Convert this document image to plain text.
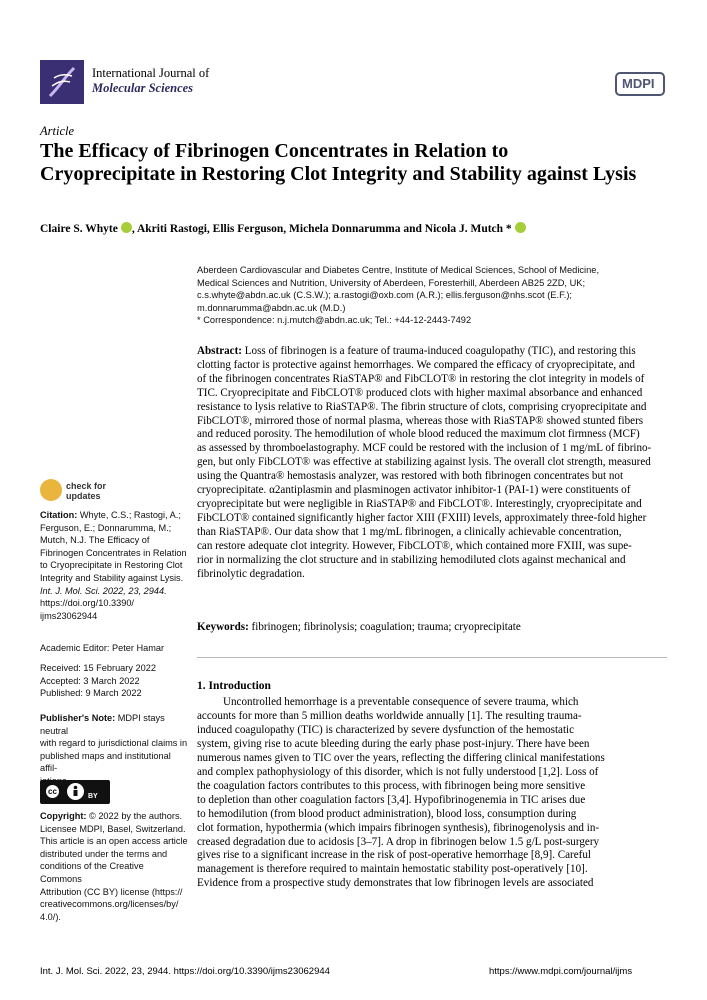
International Journal of
Molecular Sciences	MDPI
Article
The Efficacy of Fibrinogen Concentrates in Relation to Cryoprecipitate in Restoring Clot Integrity and Stability against Lysis
Claire S. Whyte , Akriti Rastogi, Ellis Ferguson, Michela Donnarumma and Nicola J. Mutch *
Aberdeen Cardiovascular and Diabetes Centre, Institute of Medical Sciences, School of Medicine,
Medical Sciences and Nutrition, University of Aberdeen, Foresterhill, Aberdeen AB25 2ZD, UK;
c.s.whyte@abdn.ac.uk (C.S.W.); a.rastogi@oxb.com (A.R.); ellis.ferguson@nhs.scot (E.F.);
m.donnarumma@abdn.ac.uk (M.D.)
* Correspondence: n.j.mutch@abdn.ac.uk; Tel.: +44-12-2443-7492
Abstract: Loss of fibrinogen is a feature of trauma-induced coagulopathy (TIC), and restoring this
clotting factor is protective against hemorrhages. We compared the efficacy of cryoprecipitate, and
of the fibrinogen concentrates RiaSTAP® and FibCLOT® in restoring the clot integrity in models of
TIC. Cryoprecipitate and FibCLOT® produced clots with higher maximal absorbance and enhanced
resistance to lysis relative to RiaSTAP®. The fibrin structure of clots, comprising cryoprecipitate and
FibCLOT®, mirrored those of normal plasma, whereas those with RiaSTAP® showed stunted fibers
and reduced porosity. The hemodilution of whole blood reduced the maximum clot firmness (MCF)
as assessed by thromboelastography. MCF could be restored with the inclusion of 1 mg/mL of fibrino-
gen, but only FibCLOT® was effective at stabilizing against lysis. The overall clot strength, measured
using the Quantra® hemostasis analyzer, was restored with both fibrinogen concentrates but not
cryoprecipitate. α2antiplasmin and plasminogen activator inhibitor-1 (PAI-1) were constituents of
cryoprecipitate but were negligible in RiaSTAP® and FibCLOT®. Interestingly, cryoprecipitate and
FibCLOT® contained significantly higher factor XIII (FXIII) levels, approximately three-fold higher
than RiaSTAP®. Our data show that 1 mg/mL fibrinogen, a clinically achievable concentration,
can restore adequate clot integrity. However, FibCLOT®, which contained more FXIII, was supe-
rior in normalizing the clot structure and in stabilizing hemodiluted clots against mechanical and
fibrinolytic degradation.
Keywords: fibrinogen; fibrinolysis; coagulation; trauma; cryoprecipitate
1. Introduction
Uncontrolled hemorrhage is a preventable consequence of severe trauma, which
accounts for more than 5 million deaths worldwide annually [1]. The resulting trauma-
induced coagulopathy (TIC) is characterized by severe dysfunction of the hemostatic
system, giving rise to acute bleeding during the early phase post-injury. There have been
numerous names given to TIC over the years, reflecting the differing clinical manifestations
and complex pathophysiology of this disorder, which is not fully understood [1,2]. Loss of
the coagulation factors contributes to this process, with fibrinogen being more sensitive
to depletion than other coagulation factors [3,4]. Hypofibrinogenemia in TIC arises due
to hemodilution (from blood product administration), blood loss, consumption during
clot formation, hypothermia (which impairs fibrinogen synthesis), fibrinogenolysis and in-
creased degradation due to acidosis [3–7]. A drop in fibrinogen below 1.5 g/L post-surgery
gives rise to a significant increase in the risk of post-operative hemorrhage [8,9]. Careful
management is therefore required to maintain hemostatic stability post-operatively [10].
Evidence from a prospective study demonstrates that low fibrinogen levels are associated
check for
updates
Citation: Whyte, C.S.; Rastogi, A.;
Ferguson, E.; Donnarumma, M.;
Mutch, N.J. The Efficacy of
Fibrinogen Concentrates in Relation
to Cryoprecipitate in Restoring Clot
Integrity and Stability against Lysis.
Int. J. Mol. Sci. 2022, 23, 2944.
https://doi.org/10.3390/
ijms23062944
Academic Editor: Peter Hamar
Received: 15 February 2022
Accepted: 3 March 2022
Published: 9 March 2022
Publisher's Note: MDPI stays neutral
with regard to jurisdictional claims in
published maps and institutional affil-
cc
BY
Copyright: © 2022 by the authors.
Licensee MDPI, Basel, Switzerland.
This article is an open access article
distributed under the terms and
conditions of the Creative Commons
Attribution (CC BY) license (https://
creativecommons.org/licenses/by/
4.0/).
Int. J. Mol. Sci. 2022, 23, 2944. https://doi.org/10.3390/ijms23062944	https://www.mdpi.com/journal/ijms
